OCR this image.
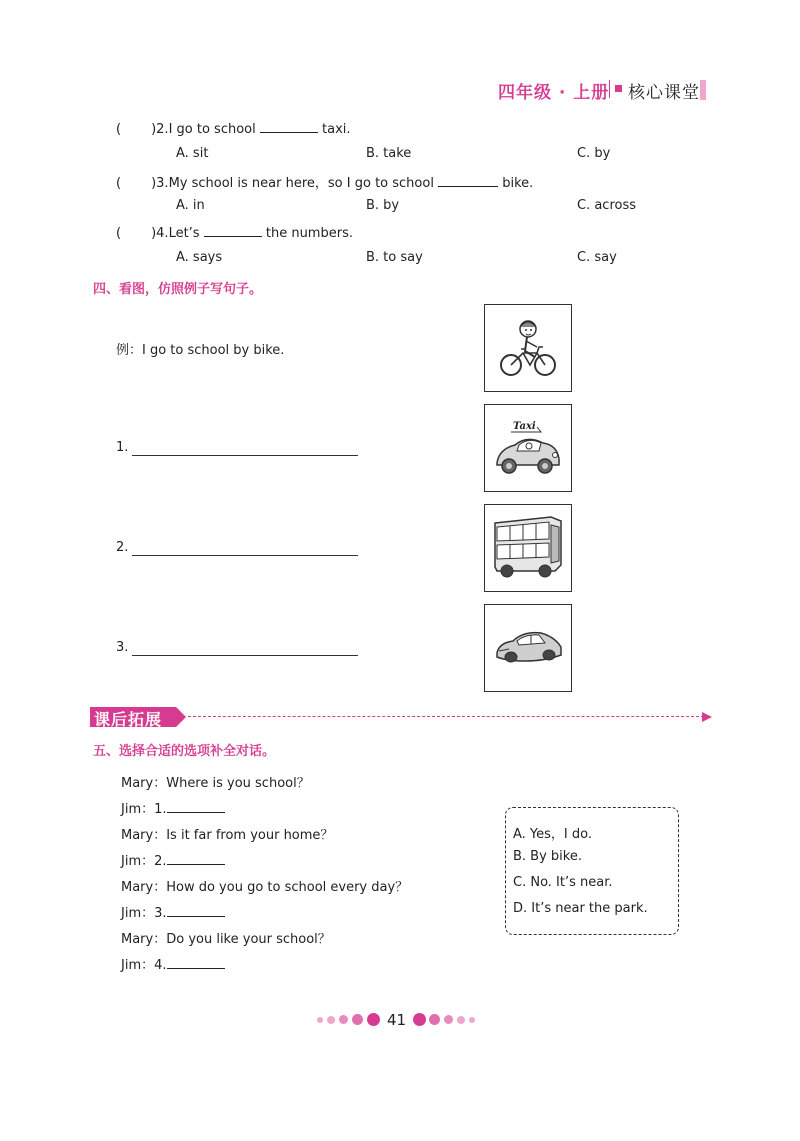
四年级 · 上册 核心课堂
( )2.I go to school	taxi.
A. sit	B. take	C. by
( )3.My school is near here，so I go to school	bike.
A. in	B. by	C. across
( )4.Let’s	the numbers.
A. says	B. to say	C. say
四、看图，仿照例子写句子。
例：I go to school by bike.
1.
2.
3.
Taxi
课后拓展
五、选择合适的选项补全对话。
Mary：Where is you school？
Jim：1.
Mary：Is it far from your home？
Jim：2.
Mary：How do you go to school every day？
Jim：3.
Mary：Do you like your school？
Jim：4.
A. Yes，I do.
B. By bike.
C. No. It’s near.
D. It’s near the park.
41
